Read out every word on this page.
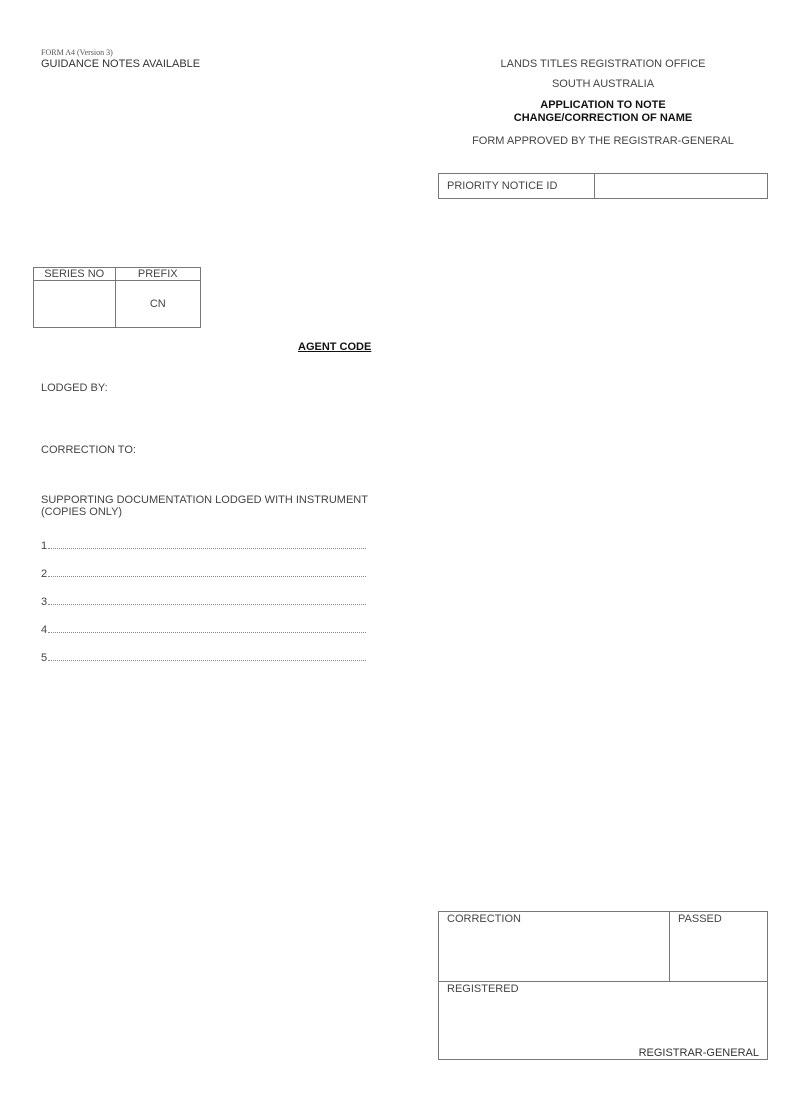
FORM A4 (Version 3)
GUIDANCE NOTES AVAILABLE	LANDS TITLES REGISTRATION OFFICE
SOUTH AUSTRALIA
APPLICATION TO NOTE
CHANGE/CORRECTION OF NAME
FORM APPROVED BY THE REGISTRAR-GENERAL
PRIORITY NOTICE ID	
SERIES NO	PREFIX
	CN
AGENT CODE
LODGED BY:
CORRECTION TO:
SUPPORTING DOCUMENTATION LODGED WITH INSTRUMENT
(COPIES ONLY)
1
2
3
4
5
CORRECTION	PASSED

REGISTERED
REGISTRAR-GENERAL
